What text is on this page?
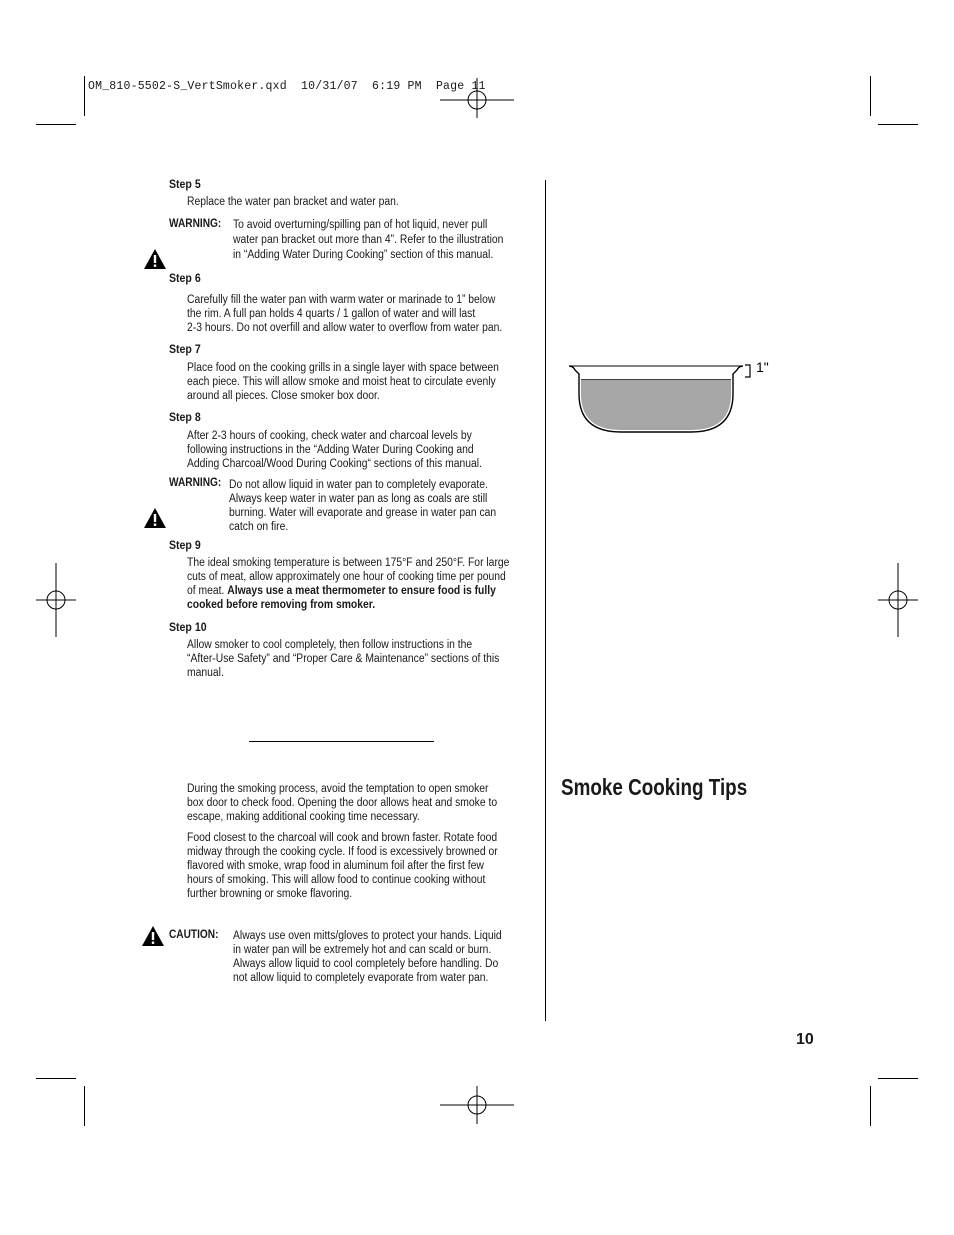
OM_810-5502-S_VertSmoker.qxd  10/31/07  6:19 PM  Page 11
Step 5
Replace the water pan bracket and water pan.
WARNING: To avoid overturning/spilling pan of hot liquid, never pull
water pan bracket out more than 4”. Refer to the illustration
in “Adding Water During Cooking” section of this manual.
Step 6
Carefully fill the water pan with warm water or marinade to 1” below
the rim. A full pan holds 4 quarts / 1 gallon of water and will last
2-3 hours. Do not overfill and allow water to overflow from water pan.
Step 7
Place food on the cooking grills in a single layer with space between
each piece. This will allow smoke and moist heat to circulate evenly
around all pieces. Close smoker box door.
Step 8
After 2-3 hours of cooking, check water and charcoal levels by
following instructions in the “Adding Water During Cooking and
Adding Charcoal/Wood During Cooking“ sections of this manual.
WARNING: Do not allow liquid in water pan to completely evaporate.
Always keep water in water pan as long as coals are still
burning. Water will evaporate and grease in water pan can
catch on fire.
Step 9
The ideal smoking temperature is between 175°F and 250°F. For large
cuts of meat, allow approximately one hour of cooking time per pound
of meat. Always use a meat thermometer to ensure food is fully
cooked before removing from smoker.
Step 10
Allow smoker to cool completely, then follow instructions in the
“After-Use Safety” and “Proper Care & Maintenance” sections of this
manual.
During the smoking process, avoid the temptation to open smoker
box door to check food. Opening the door allows heat and smoke to
escape, making additional cooking time necessary.
Food closest to the charcoal will cook and brown faster. Rotate food
midway through the cooking cycle. If food is excessively browned or
flavored with smoke, wrap food in aluminum foil after the first few
hours of smoking. This will allow food to continue cooking without
further browning or smoke flavoring.
CAUTION: Always use oven mitts/gloves to protect your hands. Liquid
in water pan will be extremely hot and can scald or burn.
Always allow liquid to cool completely before handling. Do
not allow liquid to completely evaporate from water pan.
1"
Smoke Cooking Tips
10
